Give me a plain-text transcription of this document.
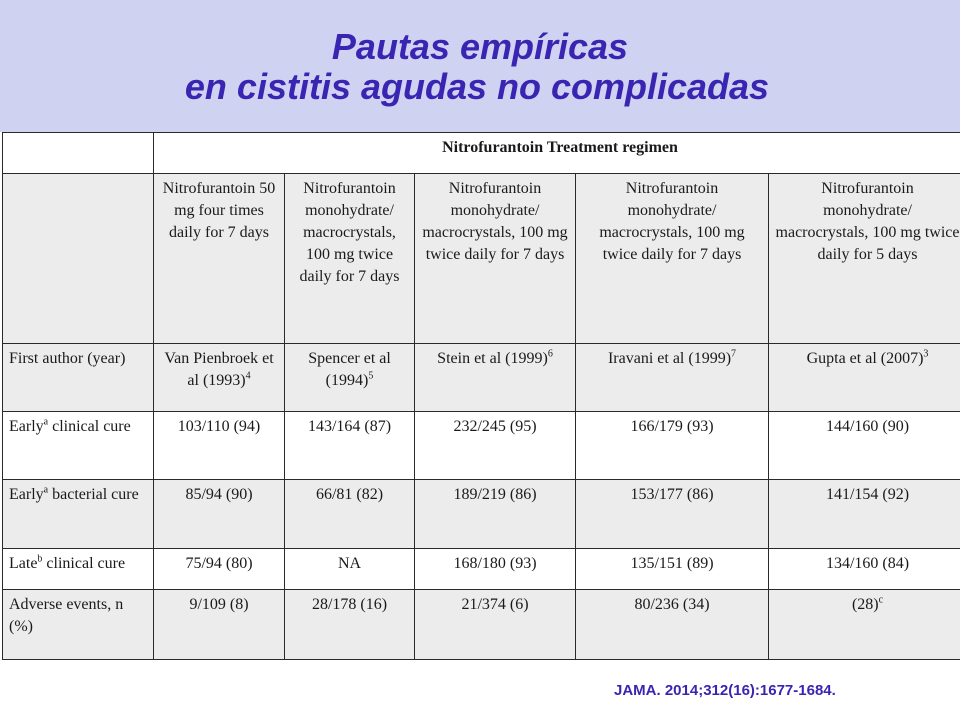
Pautas empíricas
en cistitis agudas no complicadas
	Nitrofurantoin Treatment regimen				
	Nitrofurantoin 50 mg four times daily for 7 days	Nitrofurantoin monohydrate/ macrocrystals, 100 mg twice daily for 7 days	Nitrofurantoin monohydrate/ macrocrystals, 100 mg twice daily for 7 days	Nitrofurantoin monohydrate/ macrocrystals, 100 mg twice daily for 7 days	Nitrofurantoin monohydrate/ macrocrystals, 100 mg twice daily for 5 days
First author (year)	Van Pienbroek et al $(1993)^4$	Spencer et al $(1994)^5$	Stein et al $(1999)^6$	Iravani et al $(1999)^7$	Gupta et al $(2007)^3$
Early$^a$ clinical cure	103/110 (94)	143/164 (87)	232/245 (95)	166/179 (93)	144/160 (90)
Early$^a$ bacterial cure	85/94 (90)	66/81 (82)	189/219 (86)	153/177 (86)	141/154 (92)
Late$^b$ clinical cure	75/94 (80)	NA	168/180 (93)	135/151 (89)	134/160 (84)
Adverse events, n (%)	9/109 (8)	28/178 (16)	21/374 (6)	80/236 (34)	$(28)^c$
JAMA. 2014;312(16):1677-1684.
